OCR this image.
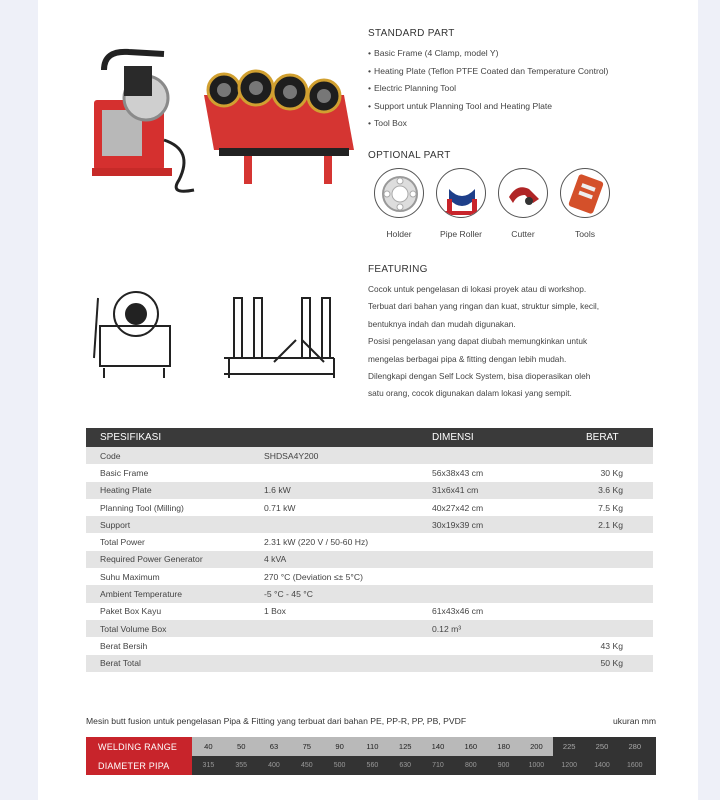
STANDARD PART
• Basic Frame (4 Clamp, model Y)
• Heating Plate (Teflon PTFE Coated dan Temperature Control)
• Electric Planning Tool
• Support untuk Planning Tool and Heating Plate
• Tool Box
OPTIONAL PART
Holder	Pipe Roller	Cutter	Tools
FEATURING

Cocok untuk pengelasan di lokasi proyek atau di workshop.

Terbuat dari bahan yang ringan dan kuat, struktur simple, kecil,

bentuknya indah dan mudah digunakan.

Posisi pengelasan yang dapat diubah memungkinkan untuk

mengelas berbagai pipa & fitting dengan lebih mudah.

Dilengkapi dengan Self Lock System, bisa dioperasikan oleh

satu orang, cocok digunakan dalam lokasi yang sempit.

SPESIFIKASI		DIMENSI	BERAT
Code	SHDSA4Y200		
Basic Frame		56x38x43 cm	30 Kg
Heating Plate	1.6 kW	31x6x41 cm	3.6 Kg
Planning Tool (Milling)	0.71 kW	40x27x42 cm	7.5 Kg
Support		30x19x39 cm	2.1 Kg
Total Power	2.31 kW (220 V / 50-60 Hz)		
Required Power Generator	4 kVA		
Suhu Maximum	270 °C (Deviation ≤± 5°C)		
Ambient Temperature	-5 °C - 45 °C		
Paket Box Kayu	1 Box	61x43x46 cm	
Total Volume Box		0.12 m³	
Berat Bersih			43 Kg
Berat Total			50 Kg
Mesin butt fusion untuk pengelasan Pipa & Fitting yang terbuat dari bahan PE, PP-R, PP, PB, PVDF	ukuran mm
WELDING RANGE
DIAMETER PIPA
40	50	63	75	90	110	125	140	160	180	200	225	250	280
315	355	400	450	500	560	630	710	800	900	1000	1200	1400	1600
